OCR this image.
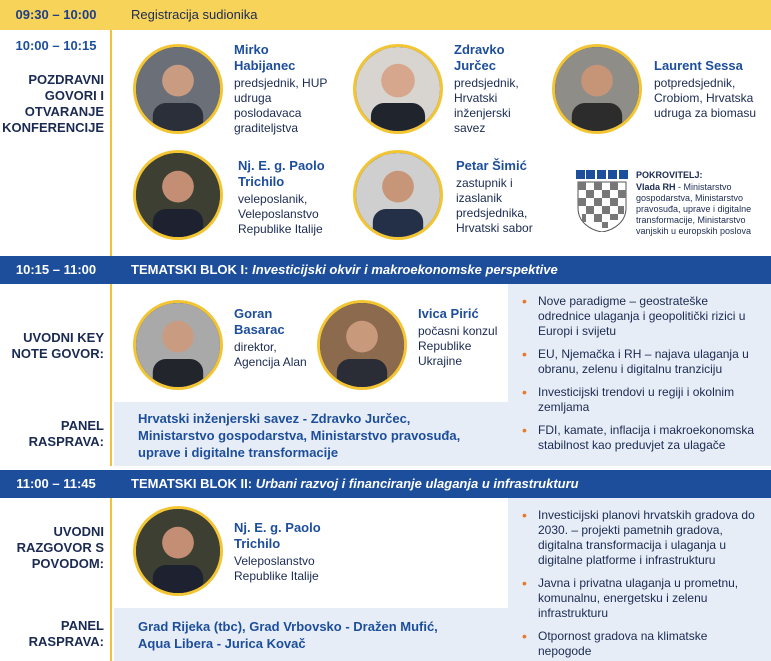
09:30 – 10:00	Registracija sudionika
10:00 – 10:15
POZDRAVNI GOVORI I OTVARANJE KONFERENCIJE
Mirko Habijanec
predsjednik, HUP udruga poslodavaca graditeljstva
Zdravko Jurčec
predsjednik, Hrvatski inženjerski savez
Laurent Sessa
potpredsjednik, Crobiom, Hrvatska udruga za biomasu
Nj. E. g. Paolo Trichilo
veleposlanik, Veleposlanstvo Republike Italije
Petar Šimić
zastupnik i izaslanik predsjednika, Hrvatski sabor
POKROVITELJ:
Vlada RH - Ministarstvo gospodarstva, Ministarstvo pravosuđa, uprave i digitalne transformacije, Ministarstvo vanjskih u europskih poslova
10:15 – 11:00	TEMATSKI BLOK I: Investicijski okvir i makroekonomske perspektive
UVODNI KEY NOTE GOVOR:
Goran Basarac
direktor, Agencija Alan
Ivica Pirić
počasni konzul Republike Ukrajine
PANEL RASPRAVA:
Hrvatski inženjerski savez - Zdravko Jurčec, Ministarstvo gospodarstva, Ministarstvo pravosuđa, uprave i digitalne transformacije
• Nove paradigme – geostrateške odrednice ulaganja i geopolitički rizici u Europi i svijetu
• EU, Njemačka i RH – najava ulaganja u obranu, zelenu i digitalnu tranziciju
• Investicijski trendovi u regiji i okolnim zemljama
• FDI, kamate, inflacija i makroekonomska stabilnost kao preduvjet za ulagače
11:00 – 11:45	TEMATSKI BLOK II: Urbani razvoj i financiranje ulaganja u infrastrukturu
UVODNI RAZGOVOR S POVODOM:
Nj. E. g. Paolo Trichilo
Veleposlanstvo Republike Italije
PANEL RASPRAVA:
Grad Rijeka (tbc), Grad Vrbovsko - Dražen Mufić, Aqua Libera - Jurica Kovač
• Investicijski planovi hrvatskih gradova do 2030. – projekti pametnih gradova, digitalna transformacija i ulaganja u digitalne platforme i infrastrukturu
• Javna i privatna ulaganja u prometnu, komunalnu, energetsku i zelenu infrastrukturu
• Otpornost gradova na klimatske nepogode
